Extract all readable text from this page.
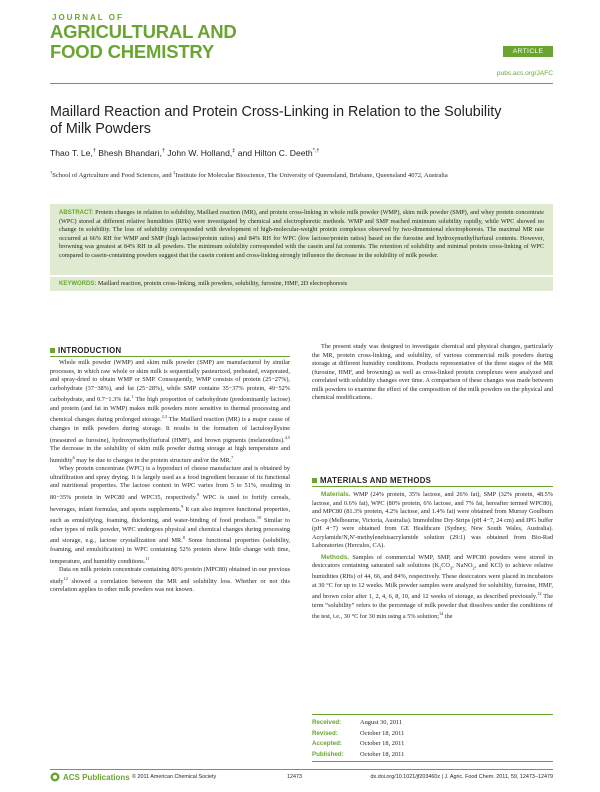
JOURNAL OF
AGRICULTURAL AND
FOOD CHEMISTRY	ARTICLE
pubs.acs.org/JAFC
Maillard Reaction and Protein Cross-Linking in Relation to the Solubility of Milk Powders
Thao T. Le,† Bhesh Bhandari,† John W. Holland,‡ and Hilton C. Deeth*,†
†School of Agriculture and Food Sciences, and ‡Institute for Molecular Bioscience, The University of Queensland, Brisbane, Queensland 4072, Australia
ABSTRACT: Protein changes in relation to solubility, Maillard reaction (MR), and protein cross-linking in whole milk powder (WMP), skim milk powder (SMP), and whey protein concentrate (WPC) stored at different relative humidities (RHs) were investigated by chemical and electrophoretic methods. WMP and SMP reached minimum solubility rapidly, while WPC showed no change in solubility. The loss of solubility corresponded with development of high-molecular-weight protein complexes observed by two-dimensional electrophoresis. The maximal MR rate occurred at 66% RH for WMP and SMP (high lactose/protein ratios) and 84% RH for WPC (low lactose/protein ratios) based on the furosine and hydroxymethylfurfural contents. However, browning was greatest at 84% RH in all powders. The minimum solubility corresponded with the casein and fat contents. The retention of solubility and minimal protein cross-linking of WPC compared to casein-containing powders suggest that the casein content and cross-linking strongly influence the decrease in the solubility of milk powder.
KEYWORDS: Maillard reaction, protein cross-linking, milk powders, solubility, furosine, HMF, 2D electrophoresis
INTRODUCTION

Whole milk powder (WMP) and skim milk powder (SMP) are manufactured by similar processes, in which raw whole or skim milk is sequentially pasteurized, preheated, evaporated, and spray-dried to obtain WMP or SMP. Consequently, WMP consists of protein (25−27%), carbohydrate (37−38%), and fat (25−28%), while SMP contains 35−37% protein, 49−52% carbohydrate, and 0.7−1.3% fat.$^1$ The high proportion of carbohydrate (predominantly lactose) and protein (and fat in WMP) makes milk powders more sensitive to thermal processing and chemical changes during prolonged storage.$^{2,3}$ The Maillard reaction (MR) is a major cause of changes in milk powders during storage. It results in the formation of lactulosyllysine (measured as furosine), hydroxymethylfurfural (HMF), and brown pigments (melanoidins).$^{4,5}$ The decrease in the solubility of skim milk powder during storage at high temperature and humidity$^6$ may be due to changes in the protein structure and/or the MR.$^7$

Whey protein concentrate (WPC) is a byproduct of cheese manufacture and is obtained by ultrafiltration and spray drying. It is largely used as a food ingredient because of its functional and nutritional properties. The lactose content in WPC varies from 5 to 51%, resulting in 80−35% protein in WPC80 and WPC35, respectively.$^8$ WPC is used to fortify cereals, beverages, infant formulas, and sports supplements.$^9$ It can also improve functional properties, such as emulsifying, foaming, thickening, and water-binding of food products.$^{10}$ Similar to other types of milk powder, WPC undergoes physical and chemical changes during processing and storage, e.g., lactose crystallization and MR.$^8$ Some functional properties (solubility, foaming, and emulsification) in WPC containing 52% protein show little change with time, temperature, and humidity conditions.$^{11}$

Data on milk protein concentrate containing 80% protein (MPC80) obtained in our previous study$^{12}$ showed a correlation between the MR and solubility loss. Whether or not this correlation applies to other milk powders was not known.

The present study was designed to investigate chemical and physical changes, particularly the MR, protein cross-linking, and solubility, of various commercial milk powders during storage at different humidity conditions. Products representative of the three stages of the MR (furosine, HMF, and browning) as well as cross-linked protein complexes were analyzed and correlated with solubility changes over time. A comparison of these changes was made between milk powders to examine the effect of the composition of the milk powders on the physical and chemical modifications.

MATERIALS AND METHODS

Materials. WMP (24% protein, 35% lactose, and 26% fat), SMP (32% protein, 48.5% lactose, and 0.6% fat), WPC (80% protein, 6% lactose, and 7% fat, hereafter termed WPC80), and MPC80 (81.3% protein, 4.2% lactose, and 1.4% fat) were obtained from Murray Goulburn Co-op (Melbourne, Victoria, Australia). Immobiline Dry-Strips (pH 4−7, 24 cm) and IPG buffer (pH 4−7) were obtained from GE Healthcare (Sydney, New South Wales, Australia). Acrylamide/N,N′-methylenebisacrylamide solution (29:1) was obtained from Bio-Rad Laboratories (Hercules, CA).

Methods. Samples of commercial WMP, SMP, and WPC80 powders were stored in desiccators containing saturated salt solutions ($K_2CO_3$, NaNO$_2$, and KCl) to achieve relative humidities (RHs) of 44, 66, and 84%, respectively. These desiccators were placed in incubators at 30 °C for up to 12 weeks. Milk powder samples were analyzed for solubility, furosine, HMF, and brown color after 1, 2, 4, 6, 8, 10, and 12 weeks of storage, as described previously.$^{12}$ The term “solubility” refers to the percentage of milk powder that dissolves under the conditions of the test, i.e., 30 °C for 30 min using a 5% solution;$^{14}$ the

Received:	August 30, 2011
Revised:	October 18, 2011
Accepted:	October 18, 2011
Published:	October 18, 2011
ACS Publications © 2011 American Chemical Society	12473	dx.doi.org/10.1021/jf203460z | J. Agric. Food Chem. 2011, 59, 12473−12479
